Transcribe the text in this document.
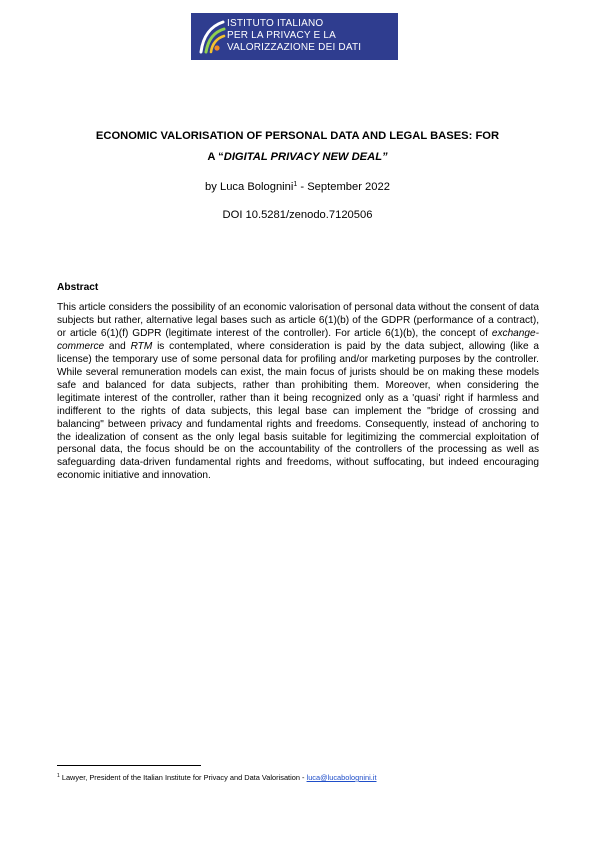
ISTITUTO ITALIANO
PER LA PRIVACY E LA
VALORIZZAZIONE DEI DATI
ECONOMIC VALORISATION OF PERSONAL DATA AND LEGAL BASES: FOR
A “DIGITAL PRIVACY NEW DEAL”
by Luca Bolognini$^1$ - September 2022
DOI 10.5281/zenodo.7120506
Abstract
This article considers the possibility of an economic valorisation of personal data without the consent of data subjects but rather, alternative legal bases such as article 6(1)(b) of the GDPR (performance of a contract), or article 6(1)(f) GDPR (legitimate interest of the controller). For article 6(1)(b), the concept of exchange-commerce and RTM is contemplated, where consideration is paid by the data subject, allowing (like a license) the temporary use of some personal data for profiling and/or marketing purposes by the controller. While several remuneration models can exist, the main focus of jurists should be on making these models safe and balanced for data subjects, rather than prohibiting them. Moreover, when considering the legitimate interest of the controller, rather than it being recognized only as a 'quasi' right if harmless and indifferent to the rights of data subjects, this legal base can implement the "bridge of crossing and balancing" between privacy and fundamental rights and freedoms. Consequently, instead of anchoring to the idealization of consent as the only legal basis suitable for legitimizing the commercial exploitation of personal data, the focus should be on the accountability of the controllers of the processing as well as safeguarding data-driven fundamental rights and freedoms, without suffocating, but indeed encouraging economic initiative and innovation.
$^1$ Lawyer, President of the Italian Institute for Privacy and Data Valorisation - luca@lucabolognini.it
